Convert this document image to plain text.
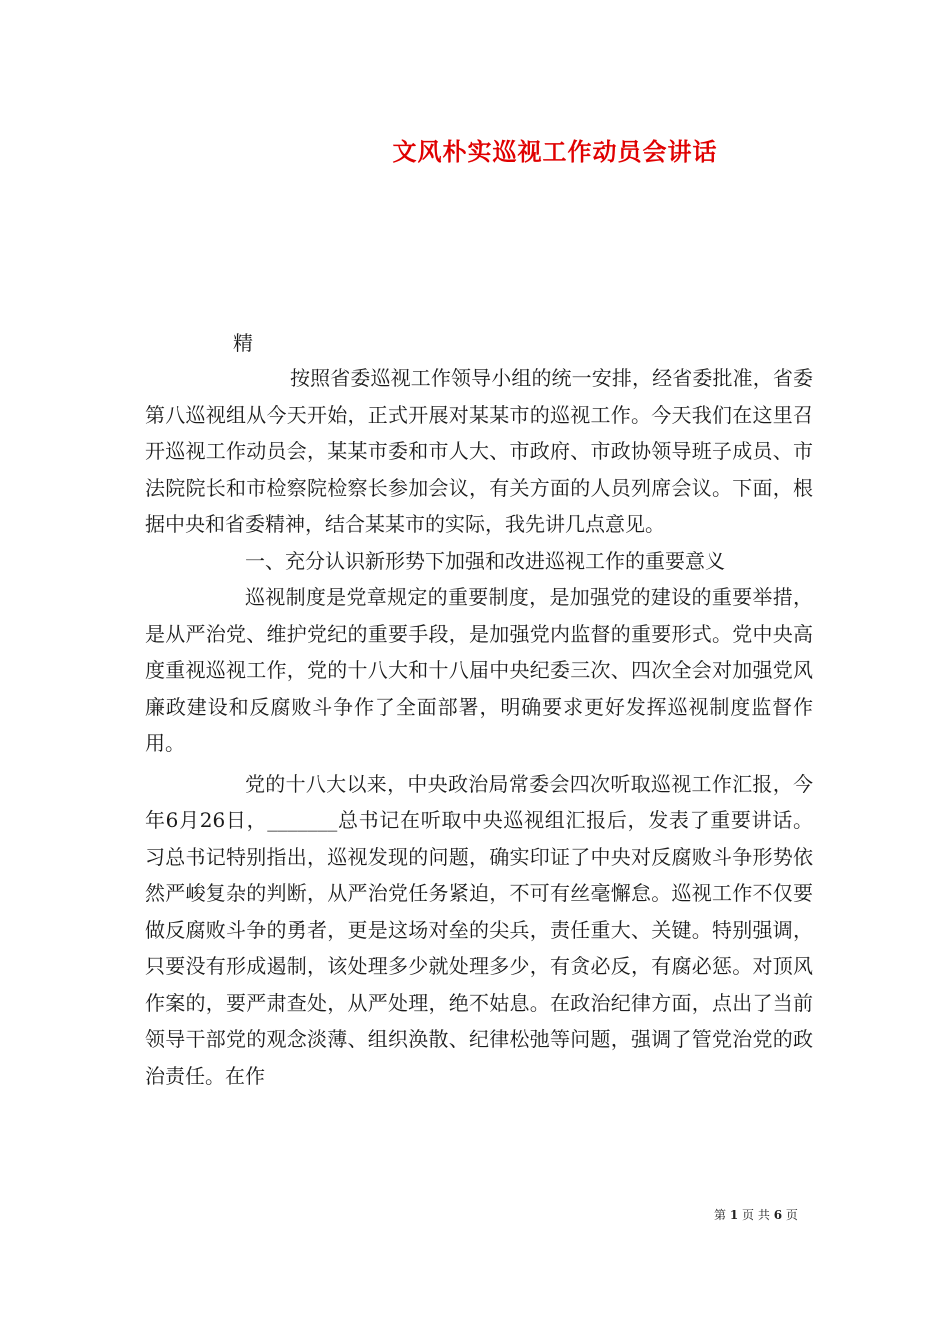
文风朴实巡视工作动员会讲话
精

按照省委巡视工作领导小组的统一安排，经省委批准，省委第八巡视组从今天开始，正式开展对某某市的巡视工作。今天我们在这里召开巡视工作动员会，某某市委和市人大、市政府、市政协领导班子成员、市法院院长和市检察院检察长参加会议，有关方面的人员列席会议。下面，根据中央和省委精神，结合某某市的实际，我先讲几点意见。

一、充分认识新形势下加强和改进巡视工作的重要意义

巡视制度是党章规定的重要制度，是加强党的建设的重要举措，是从严治党、维护党纪的重要手段，是加强党内监督的重要形式。党中央高度重视巡视工作，党的十八大和十八届中央纪委三次、四次全会对加强党风廉政建设和反腐败斗争作了全面部署，明确要求更好发挥巡视制度监督作用。

党的十八大以来，中央政治局常委会四次听取巡视工作汇报，今年6月26日，_______总书记在听取中央巡视组汇报后，发表了重要讲话。习总书记特别指出，巡视发现的问题，确实印证了中央对反腐败斗争形势依然严峻复杂的判断，从严治党任务紧迫，不可有丝毫懈怠。巡视工作不仅要做反腐败斗争的勇者，更是这场对垒的尖兵，责任重大、关键。特别强调，只要没有形成遏制，该处理多少就处理多少，有贪必反，有腐必惩。对顶风作案的，要严肃查处，从严处理，绝不姑息。在政治纪律方面，点出了当前领导干部党的观念淡薄、组织涣散、纪律松弛等问题，强调了管党治党的政治责任。在作

第 1 页 共 6 页
